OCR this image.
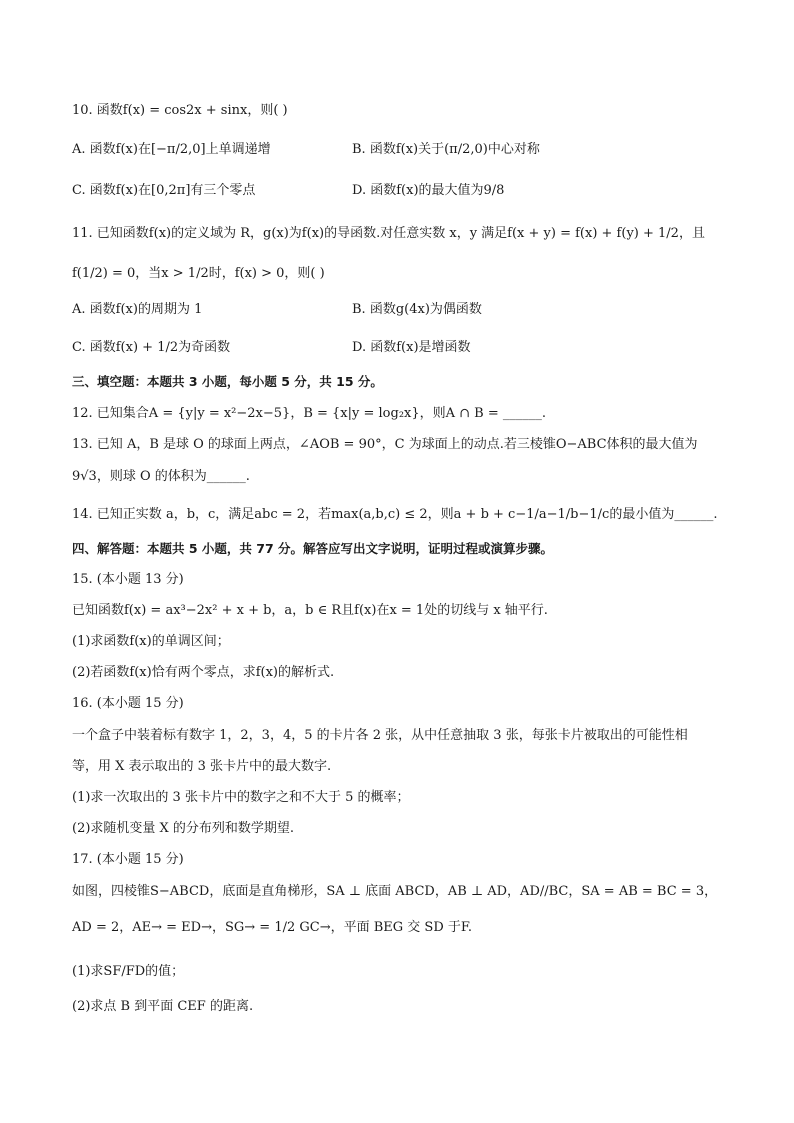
10. 函数f(x) = cos2x + sinx，则( )
A. 函数f(x)在[−π/2,0]上单调递增	B. 函数f(x)关于(π/2,0)中心对称
C. 函数f(x)在[0,2π]有三个零点	D. 函数f(x)的最大值为9/8
11. 已知函数f(x)的定义域为 R，g(x)为f(x)的导函数.对任意实数 x，y 满足f(x + y) = f(x) + f(y) + 1/2，且
f(1/2) = 0，当x > 1/2时，f(x) > 0，则( )
A. 函数f(x)的周期为 1	B. 函数g(4x)为偶函数
C. 函数f(x) + 1/2为奇函数	D. 函数f(x)是增函数
三、填空题：本题共 3 小题，每小题 5 分，共 15 分。
12. 已知集合A = {y|y = x²−2x−5}，B = {x|y = log₂x}，则A ∩ B = ______.
13. 已知 A，B 是球 O 的球面上两点，∠AOB = 90°，C 为球面上的动点.若三棱锥O−ABC体积的最大值为
9√3，则球 O 的体积为______.
14. 已知正实数 a，b，c，满足abc = 2，若max(a,b,c) ≤ 2，则a + b + c−1/a−1/b−1/c的最小值为______.
四、解答题：本题共 5 小题，共 77 分。解答应写出文字说明，证明过程或演算步骤。
15. (本小题 13 分)
已知函数f(x) = ax³−2x² + x + b，a，b ∈ R且f(x)在x = 1处的切线与 x 轴平行.
(1)求函数f(x)的单调区间；
(2)若函数f(x)恰有两个零点，求f(x)的解析式.
16. (本小题 15 分)
一个盒子中装着标有数字 1，2，3，4，5 的卡片各 2 张，从中任意抽取 3 张，每张卡片被取出的可能性相
等，用 X 表示取出的 3 张卡片中的最大数字.
(1)求一次取出的 3 张卡片中的数字之和不大于 5 的概率；
(2)求随机变量 X 的分布列和数学期望.
17. (本小题 15 分)
如图，四棱锥S−ABCD，底面是直角梯形，SA ⊥ 底面 ABCD，AB ⊥ AD，AD//BC，SA = AB = BC = 3，
AD = 2，AE→ = ED→，SG→ = 1/2 GC→，平面 BEG 交 SD 于F.
(1)求SF/FD的值；
(2)求点 B 到平面 CEF 的距离.
